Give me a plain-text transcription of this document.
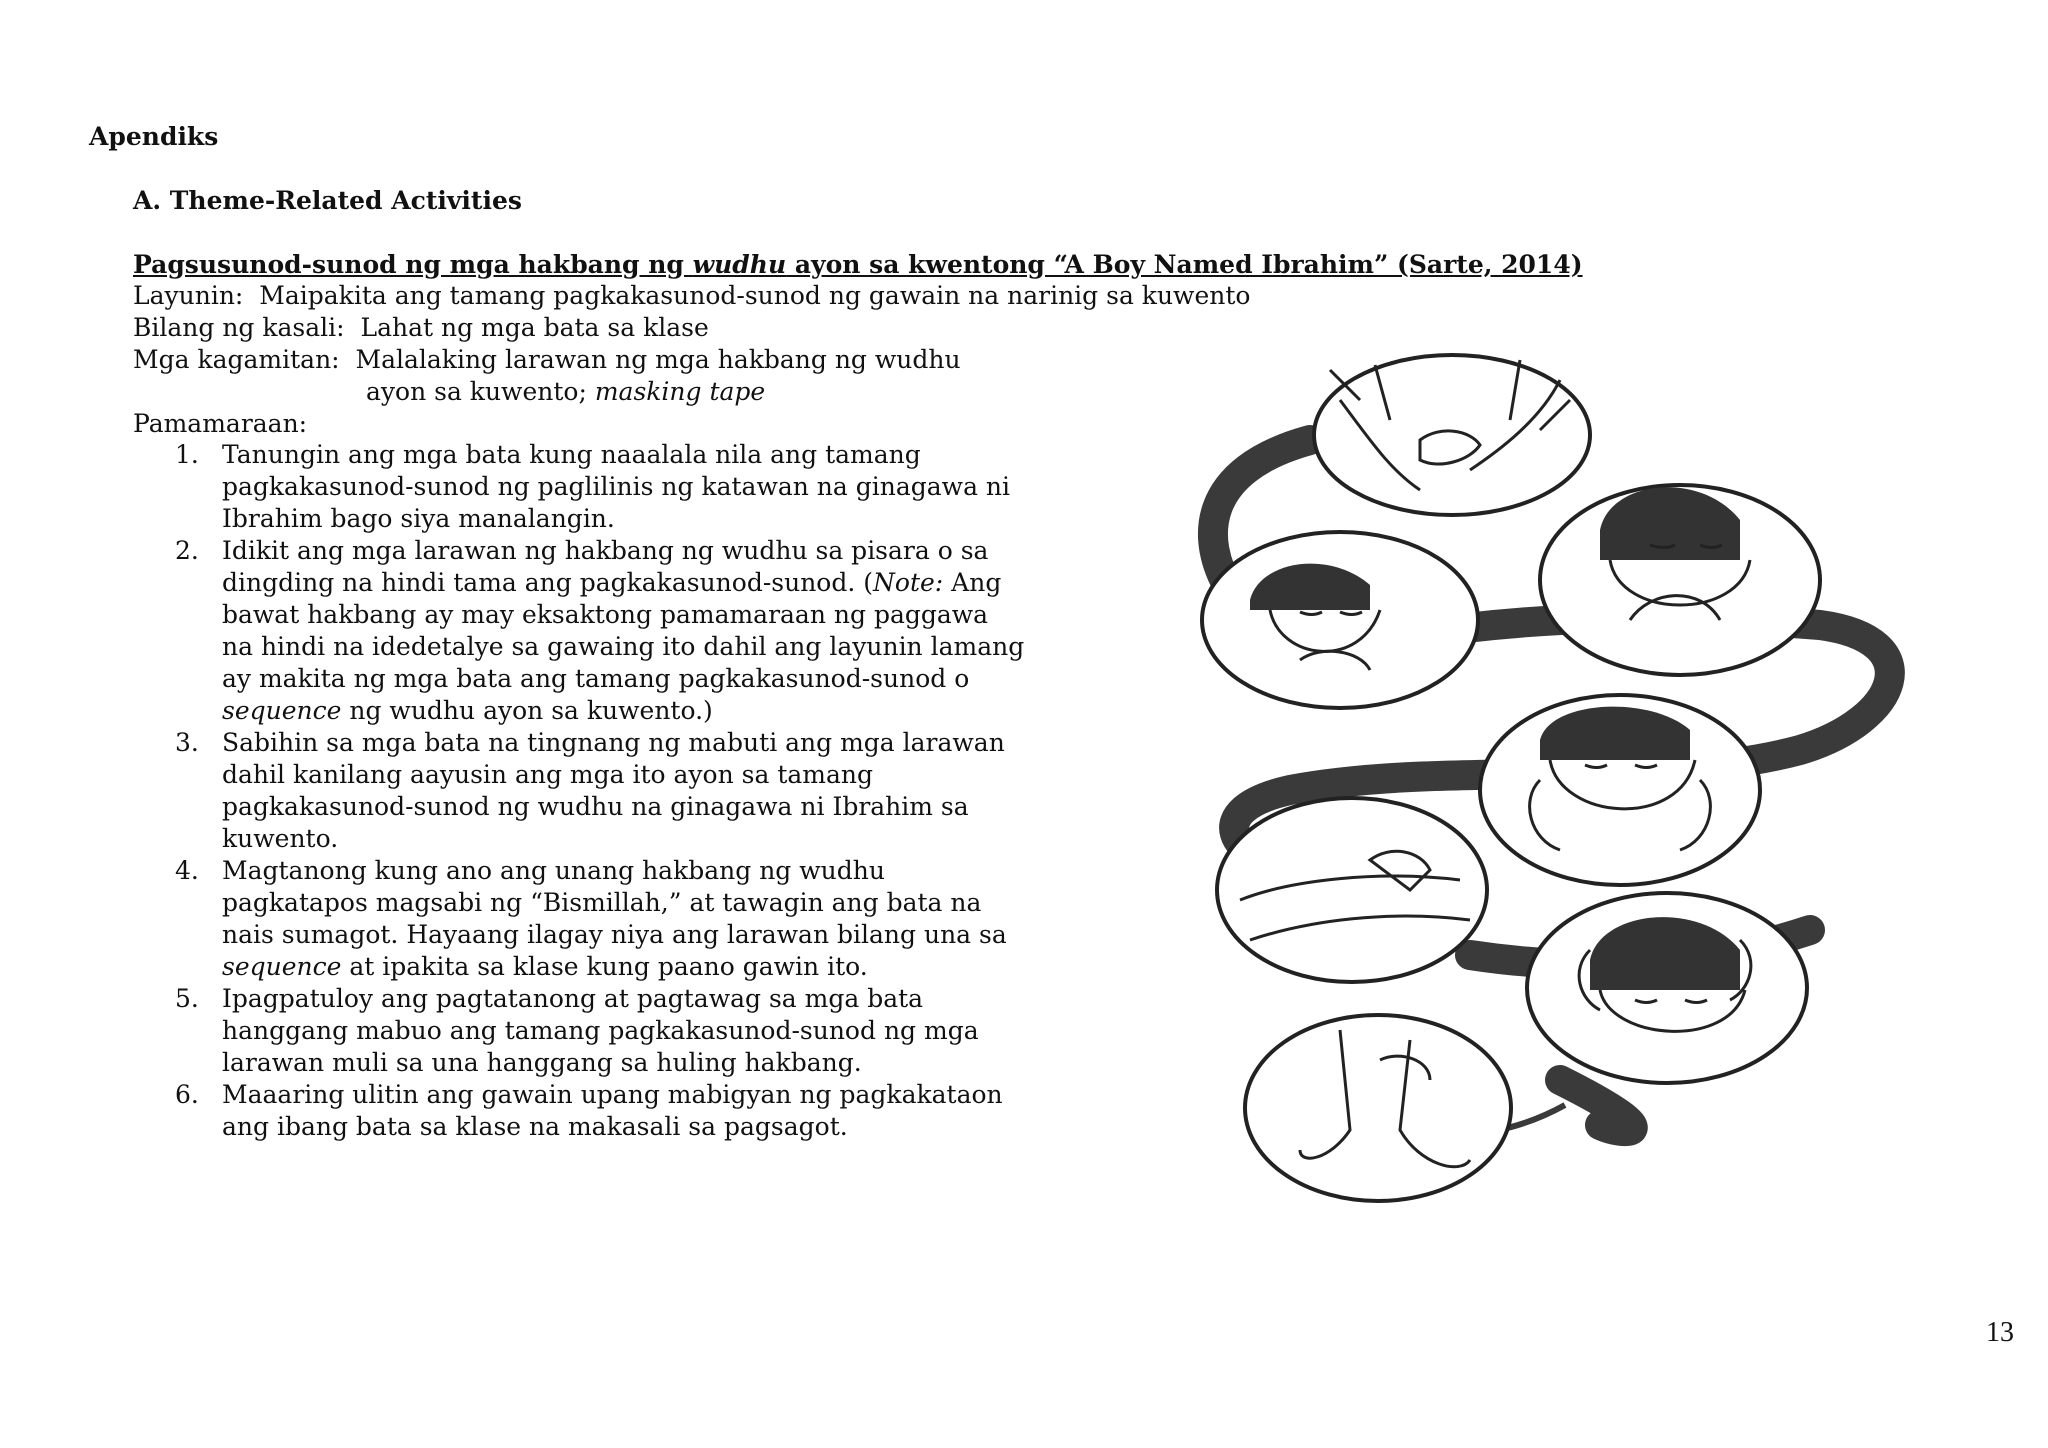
Apendiks
A. Theme-Related Activities
Pagsusunod-sunod ng mga hakbang ng wudhu ayon sa kwentong “A Boy Named Ibrahim” (Sarte, 2014)
Layunin: Maipakita ang tamang pagkakasunod-sunod ng gawain na narinig sa kuwento
Bilang ng kasali: Lahat ng mga bata sa klase
Mga kagamitan: Malalaking larawan ng mga hakbang ng wudhu
ayon sa kuwento; masking tape
Pamamaraan:
1. Tanungin ang mga bata kung naaalala nila ang tamang
pagkakasunod-sunod ng paglilinis ng katawan na ginagawa ni
Ibrahim bago siya manalangin.
2. Idikit ang mga larawan ng hakbang ng wudhu sa pisara o sa
dingding na hindi tama ang pagkakasunod-sunod. (Note: Ang
bawat hakbang ay may eksaktong pamamaraan ng paggawa
na hindi na idedetalye sa gawaing ito dahil ang layunin lamang
ay makita ng mga bata ang tamang pagkakasunod-sunod o
sequence ng wudhu ayon sa kuwento.)
3. Sabihin sa mga bata na tingnang ng mabuti ang mga larawan
dahil kanilang aayusin ang mga ito ayon sa tamang
pagkakasunod-sunod ng wudhu na ginagawa ni Ibrahim sa
kuwento.
4. Magtanong kung ano ang unang hakbang ng wudhu
pagkatapos magsabi ng “Bismillah,” at tawagin ang bata na
nais sumagot. Hayaang ilagay niya ang larawan bilang una sa
sequence at ipakita sa klase kung paano gawin ito.
5. Ipagpatuloy ang pagtatanong at pagtawag sa mga bata
hanggang mabuo ang tamang pagkakasunod-sunod ng mga
larawan muli sa una hanggang sa huling hakbang.
6. Maaaring ulitin ang gawain upang mabigyan ng pagkakataon
ang ibang bata sa klase na makasali sa pagsagot.
13
